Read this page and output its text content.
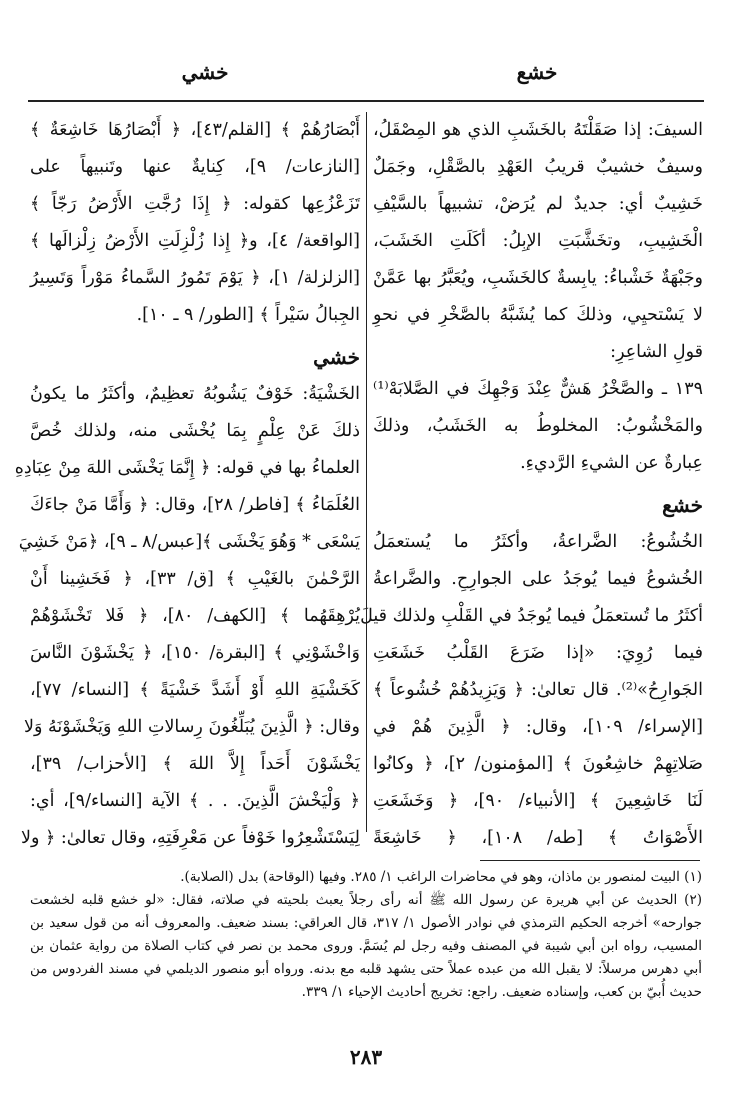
خشع
خشي

السيفَ: إذا صَقَلْتَهُ بالخَشَبِ الذي هو المِصْقَلُ،

وسيفٌ خشيبٌ قريبُ العَهْدِ بالصَّقْلِ، وجَمَلٌ

خَشِيبٌ أي: جديدٌ لم يُرَضْ، تشبيهاً بالسَّيْفِ

الْخَشِيبِ، وتخَشَّبَتِ الإبِلُ: أكَلَتِ الخَشَبَ،

وجَبْهَةٌ خَشْباءُ: يابِسةٌ كالخَشَبِ، ويُعَبَّرُ بها عَمَّنْ

لا يَسْتحيِي، وذلكَ كما يُشَبَّهُ بالصَّخْرِ في نحوِ

قولِ الشاعِرِ:

١٣٩ ـ والصَّخْرُ هَشٌّ عِنْدَ وَجْهِكَ في الصَّلابَهْ⁽¹⁾

والمَخْشُوبُ: المخلوطُ به الخَشَبُ، وذلكَ

عِبارةٌ عن الشيءِ الرَّديءِ.

خشع

الخُشُوعُ: الضَّراعةُ، وأكثَرُ ما يُستعمَلُ

الخُشوعُ فيما يُوجَدُ على الجوارِحِ. والضَّراعةُ

أكثَرُ ما تُستعمَلُ فيما يُوجَدُ في القَلْبِ ولذلك قيلَ

فيما رُوِيَ: «إذا ضَرَعَ القَلْبُ خَشَعَتِ

الجَوارِحُ»⁽²⁾. قال تعالىٰ: ﴿ وَيَزِيدُهُمْ خُشُوعاً ﴾

[الإسراء/ ١٠٩]، وقال: ﴿ الَّذِينَ هُمْ في

صَلاتِهِمْ خاشِعُونَ ﴾ [المؤمنون/ ٢]، ﴿ وكانُوا

لَنَا خَاشِعِينَ ﴾ [الأنبياء/ ٩٠]، ﴿ وَخَشَعَتِ

الأَصْوَاتُ ﴾ [طه/ ١٠٨]، ﴿ خَاشِعَةً

أَبْصَارُهُمْ ﴾ [القلم/٤٣]، ﴿ أَبْصَارُهَا خَاشِعَةٌ ﴾

[النازعات/ ٩]، كِنايةٌ عنها وتَنبيهاً على

تَزَعْزُعِها كقوله: ﴿ إِذَا رُجَّتِ الأَرْضُ رَجّاً ﴾

[الواقعة/ ٤]، و﴿ إِذا زُلْزِلَتِ الأَرْضُ زِلْزالَها ﴾

[الزلزلة/ ١]، ﴿ يَوْمَ تَمُورُ السَّماءُ مَوْراً وَتَسِيرُ

الجِبالُ سَيْراً ﴾ [الطور/ ٩ ـ ١٠].

خشي

الخَشْيَةُ: خَوْفٌ يَشُوبُهُ تعظِيمٌ، وأكثَرُ ما يكونُ

ذلكَ عَنْ عِلْمٍ بِمَا يُخْشَى منه، ولذلك خُصَّ

العلماءُ بها في قوله: ﴿ إِنَّمَا يَخْشَى اللهَ مِنْ عِبَادِهِ

العُلَمَاءُ ﴾ [فاطر/ ٢٨]، وقال: ﴿ وَأَمَّا مَنْ جاءَكَ

يَسْعَى * وَهُوَ يَخْشَى ﴾[عبس/٨ ـ ٩]، ﴿مَنْ خَشِيَ

الرَّحْمٰنَ بالغَيْبِ ﴾ [ق/ ٣٣]، ﴿ فَخَشِينا أَنْ

يُرْهِقَهُما ﴾ [الكهف/ ٨٠]، ﴿ فَلا تَخْشَوْهُمْ

وَاخْشَوْنِي ﴾ [البقرة/ ١٥٠]، ﴿ يَخْشَوْنَ النَّاسَ

كَخَشْيَةِ اللهِ أَوْ أَشَدَّ خَشْيَةً ﴾ [النساء/ ٧٧]،

وقال: ﴿ الَّذِينَ يُبَلِّغُونَ رِسالاتِ اللهِ وَيَخْشَوْنَهُ وَلا

يَخْشَوْنَ أَحَداً إِلاَّ اللهَ ﴾ [الأحزاب/ ٣٩]،

﴿ وَلْيَخْشَ الَّذِينَ. . . ﴾ الآية [النساء/٩]، أي:

لِيَسْتَشْعِرُوا خَوْفاً عن مَعْرِفَتِهِ، وقال تعالىٰ: ﴿ ولا

(١) البيت لمنصور بن ماذان، وهو في محاضرات الراغب ١/ ٢٨٥. وفيها (الوقاحة) بدل (الصلابة).

(٢) الحديث عن أبي هريرة عن رسول الله ﷺ أنه رأى رجلاً يعبث بلحيته في صلاته، فقال: «لو خشع قلبه لخشعت جوارحه» أخرجه الحكيم الترمذي في نوادر الأصول ١/ ٣١٧، قال العراقي: بسند ضعيف. والمعروف أنه من قول سعيد بن المسيب، رواه ابن أبي شيبة في المصنف وفيه رجل لم يُسَمَّ. وروى محمد بن نصر في كتاب الصلاة من رواية عثمان بن أبي دهرس مرسلاً: لا يقبل الله من عبده عملاً حتى يشهد قلبه مع بدنه. ورواه أبو منصور الديلمي في مسند الفردوس من حديث أُبيّ بن كعب، وإسناده ضعيف. راجع: تخريج أحاديث الإحياء ١/ ٣٣٩.

٢٨٣
